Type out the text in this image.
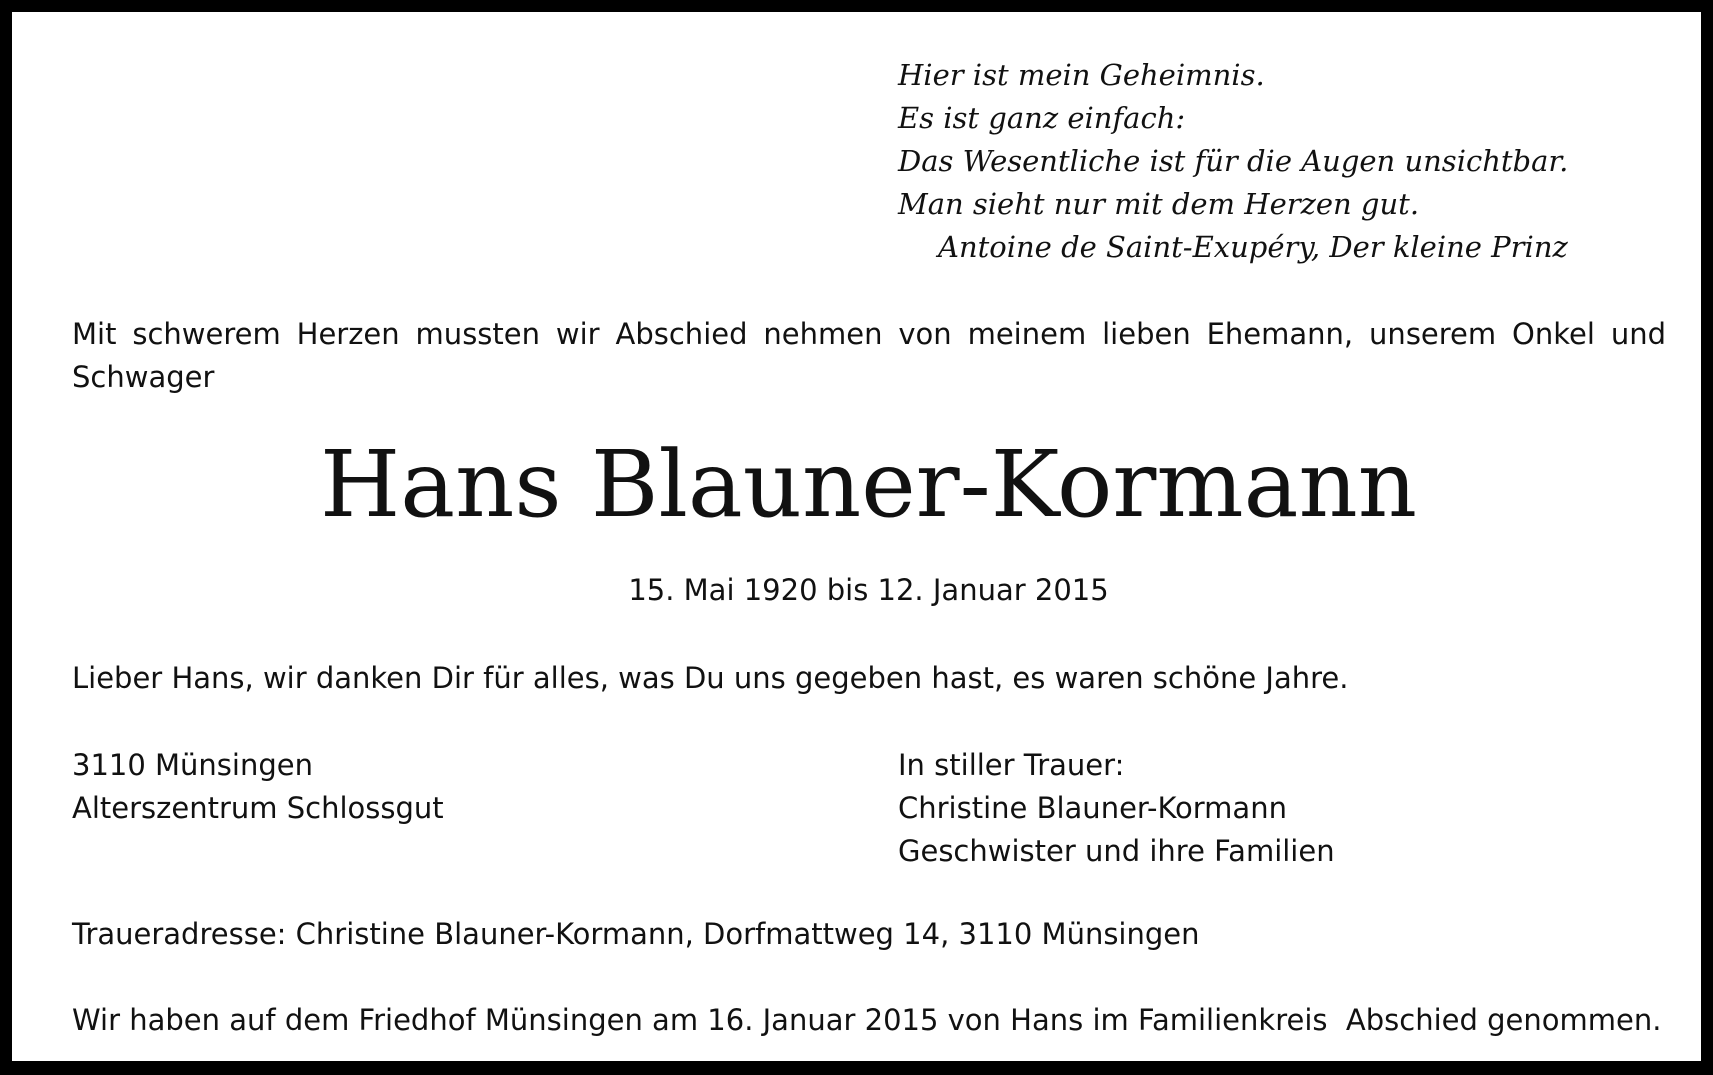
Hier ist mein Geheimnis.
Es ist ganz einfach:
Das Wesentliche ist für die Augen unsichtbar.
Man sieht nur mit dem Herzen gut.
Antoine de Saint-Exupéry, Der kleine Prinz
Mit schwerem Herzen mussten wir Abschied nehmen von meinem lieben Ehemann, unserem Onkel und Schwager
Hans Blauner-Kormann
15. Mai 1920 bis 12. Januar 2015
Lieber Hans, wir danken Dir für alles, was Du uns gegeben hast, es waren schöne Jahre.
3110 Münsingen
Alterszentrum Schlossgut
In stiller Trauer:
Christine Blauner-Kormann
Geschwister und ihre Familien
Traueradresse: Christine Blauner-Kormann, Dorfmattweg 14, 3110 Münsingen
Wir haben auf dem Friedhof Münsingen am 16. Januar 2015 von Hans im Familienkreis  Abschied genommen.
